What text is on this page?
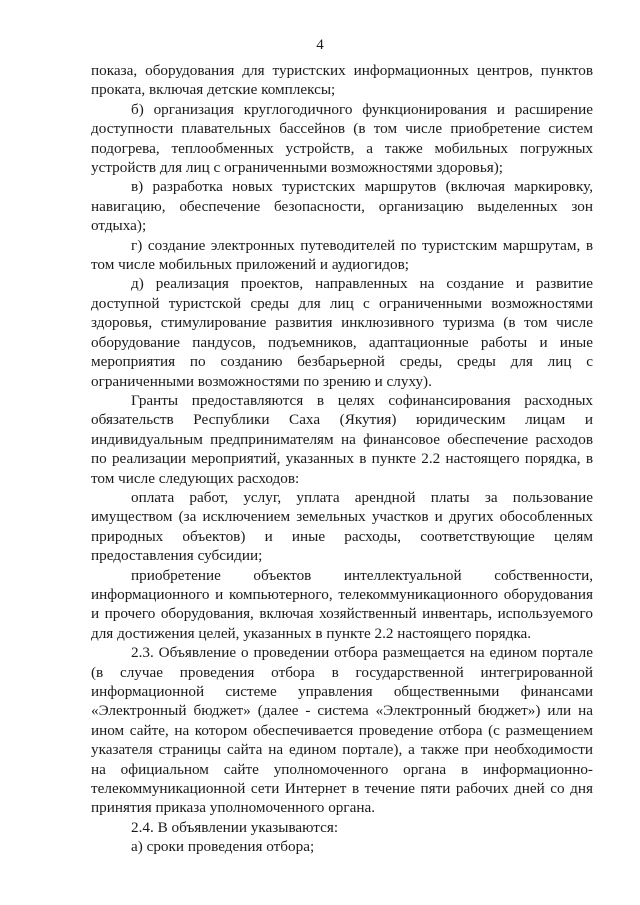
4

показа, оборудования для туристских информационных центров, пунктов проката, включая детские комплексы;

б) организация круглогодичного функционирования и расширение доступности плавательных бассейнов (в том числе приобретение систем подогрева, теплообменных устройств, а также мобильных погружных устройств для лиц с ограниченными возможностями здоровья);

в) разработка новых туристских маршрутов (включая маркировку, навигацию, обеспечение безопасности, организацию выделенных зон отдыха);

г) создание электронных путеводителей по туристским маршрутам, в том числе мобильных приложений и аудиогидов;

д) реализация проектов, направленных на создание и развитие доступной туристской среды для лиц с ограниченными возможностями здоровья, стимулирование развития инклюзивного туризма (в том числе оборудование пандусов, подъемников, адаптационные работы и иные мероприятия по созданию безбарьерной среды, среды для лиц с ограниченными возможностями по зрению и слуху).

Гранты предоставляются в целях софинансирования расходных обязательств Республики Саха (Якутия) юридическим лицам и индивидуальным предпринимателям на финансовое обеспечение расходов по реализации мероприятий, указанных в пункте 2.2 настоящего порядка, в том числе следующих расходов:

оплата работ, услуг, уплата арендной платы за пользование имуществом (за исключением земельных участков и других обособленных природных объектов) и иные расходы, соответствующие целям предоставления субсидии;

приобретение объектов интеллектуальной собственности, информационного и компьютерного, телекоммуникационного оборудования и прочего оборудования, включая хозяйственный инвентарь, используемого для достижения целей, указанных в пункте 2.2 настоящего порядка.

2.3. Объявление о проведении отбора размещается на едином портале (в случае проведения отбора в государственной интегрированной информационной системе управления общественными финансами «Электронный бюджет» (далее - система «Электронный бюджет») или на ином сайте, на котором обеспечивается проведение отбора (с размещением указателя страницы сайта на едином портале), а также при необходимости на официальном сайте уполномоченного органа в информационно-телекоммуникационной сети Интернет в течение пяти рабочих дней со дня принятия приказа уполномоченного органа.

2.4. В объявлении указываются:

а) сроки проведения отбора;
